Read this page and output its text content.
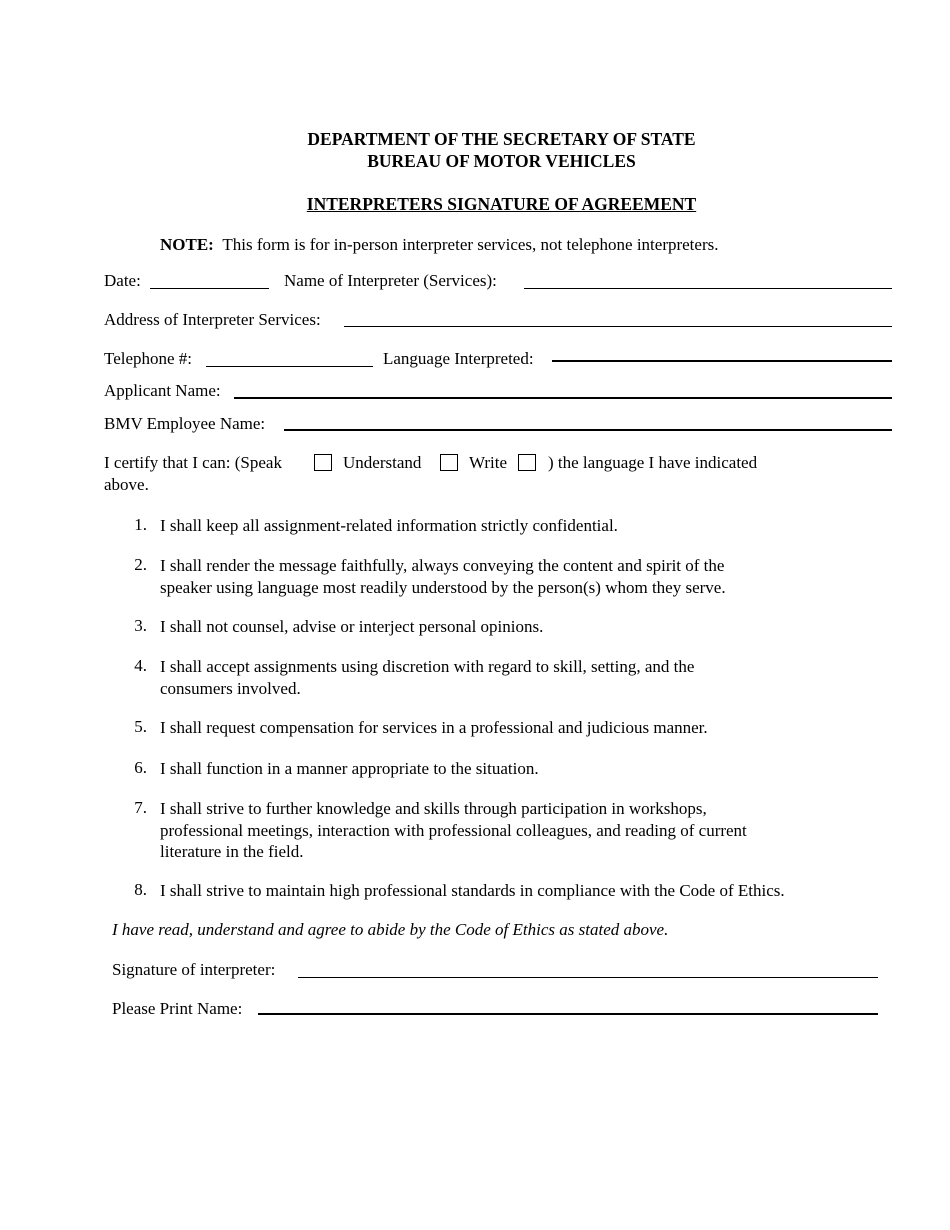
DEPARTMENT OF THE SECRETARY OF STATE
BUREAU OF MOTOR VEHICLES
INTERPRETERS SIGNATURE OF AGREEMENT
NOTE: This form is for in-person interpreter services, not telephone interpreters.
Date:	Name of Interpreter (Services):
Address of Interpreter Services:
Telephone #:	Language Interpreted:
Applicant Name:
BMV Employee Name:
I certify that I can: (Speak	Understand	Write ) the language I have indicated
above.
1. I shall keep all assignment-related information strictly confidential.
2. I shall render the message faithfully, always conveying the content and spirit of the
speaker using language most readily understood by the person(s) whom they serve.
3. I shall not counsel, advise or interject personal opinions.
4. I shall accept assignments using discretion with regard to skill, setting, and the
consumers involved.
5. I shall request compensation for services in a professional and judicious manner.
6. I shall function in a manner appropriate to the situation.
7. I shall strive to further knowledge and skills through participation in workshops,
professional meetings, interaction with professional colleagues, and reading of current
literature in the field.
8. I shall strive to maintain high professional standards in compliance with the Code of Ethics.
I have read, understand and agree to abide by the Code of Ethics as stated above.
Signature of interpreter:
Please Print Name:
